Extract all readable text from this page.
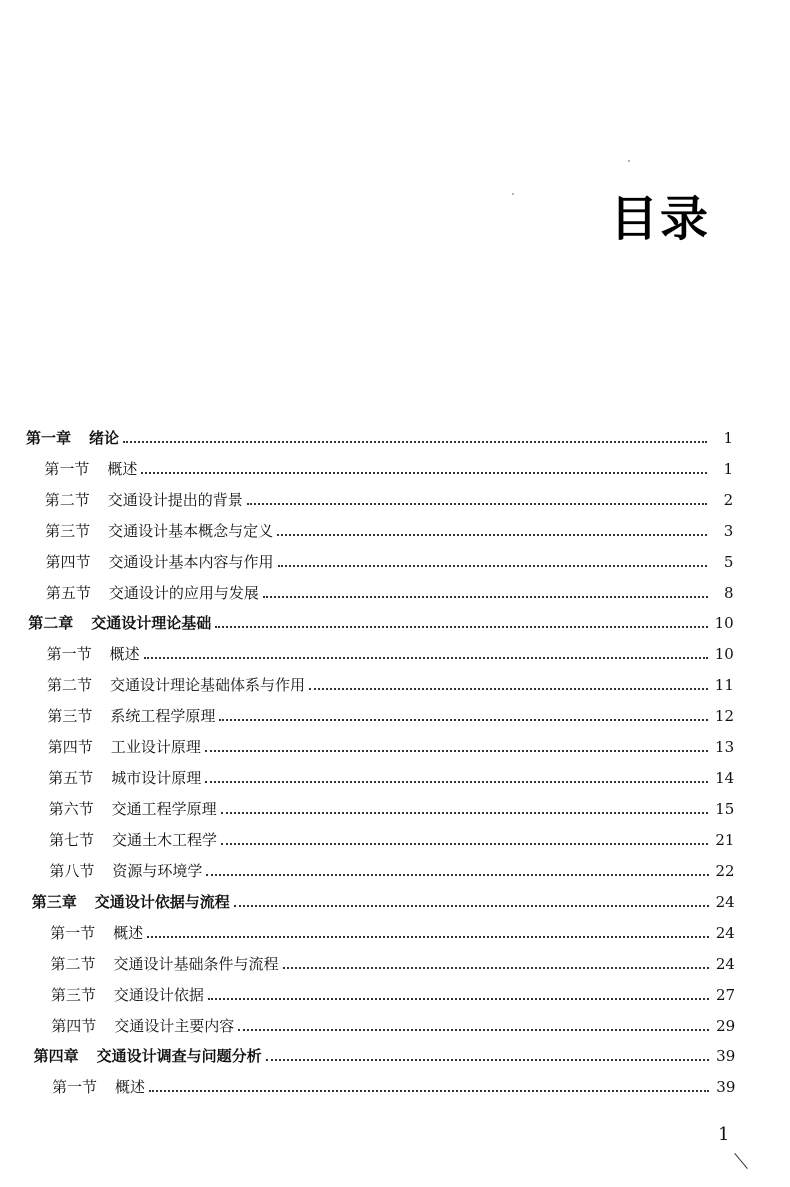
目录
第一章 绪论	1
第一节 概述	1
第二节 交通设计提出的背景	2
第三节 交通设计基本概念与定义	3
第四节 交通设计基本内容与作用	5
第五节 交通设计的应用与发展	8
第二章 交通设计理论基础	10
第一节 概述	10
第二节 交通设计理论基础体系与作用	11
第三节 系统工程学原理	12
第四节 工业设计原理	13
第五节 城市设计原理	14
第六节 交通工程学原理	15
第七节 交通土木工程学	21
第八节 资源与环境学	22
第三章 交通设计依据与流程	24
第一节 概述	24
第二节 交通设计基础条件与流程	24
第三节 交通设计依据	27
第四节 交通设计主要内容	29
第四章 交通设计调查与问题分析	39
第一节 概述	39
1
